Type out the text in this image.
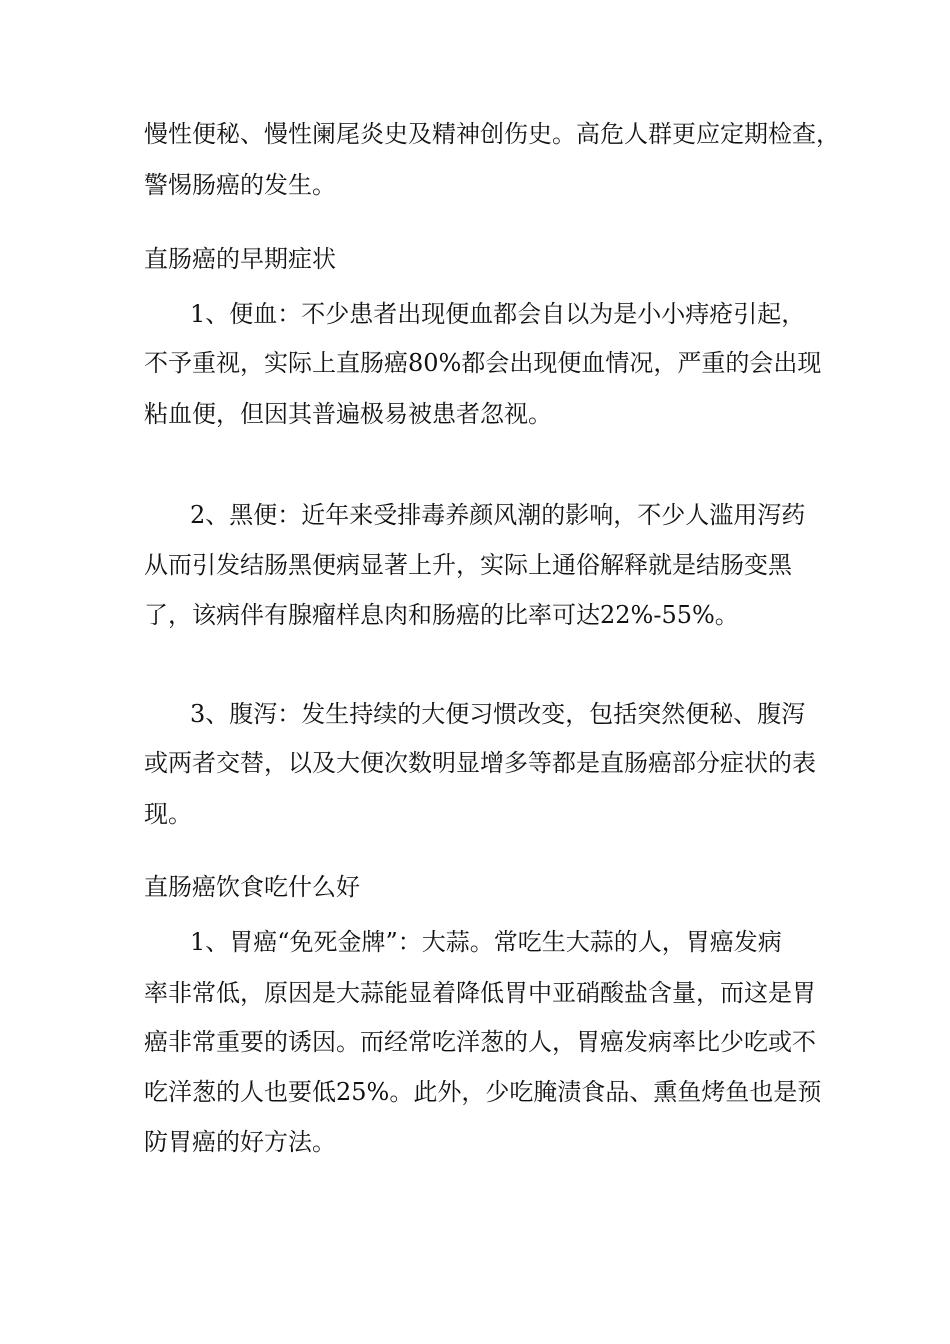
慢性便秘、慢性阑尾炎史及精神创伤史。高危人群更应定期检查，
警惕肠癌的发生。
直肠癌的早期症状
1、便血：不少患者出现便血都会自以为是小小痔疮引起，
不予重视，实际上直肠癌80%都会出现便血情况，严重的会出现
粘血便，但因其普遍极易被患者忽视。
2、黑便：近年来受排毒养颜风潮的影响，不少人滥用泻药
从而引发结肠黑便病显著上升，实际上通俗解释就是结肠变黑
了，该病伴有腺瘤样息肉和肠癌的比率可达22%-55%。
3、腹泻：发生持续的大便习惯改变，包括突然便秘、腹泻
或两者交替，以及大便次数明显增多等都是直肠癌部分症状的表
现。
直肠癌饮食吃什么好
1、胃癌“免死金牌”：大蒜。常吃生大蒜的人，胃癌发病
率非常低，原因是大蒜能显着降低胃中亚硝酸盐含量，而这是胃
癌非常重要的诱因。而经常吃洋葱的人，胃癌发病率比少吃或不
吃洋葱的人也要低25%。此外，少吃腌渍食品、熏鱼烤鱼也是预
防胃癌的好方法。
